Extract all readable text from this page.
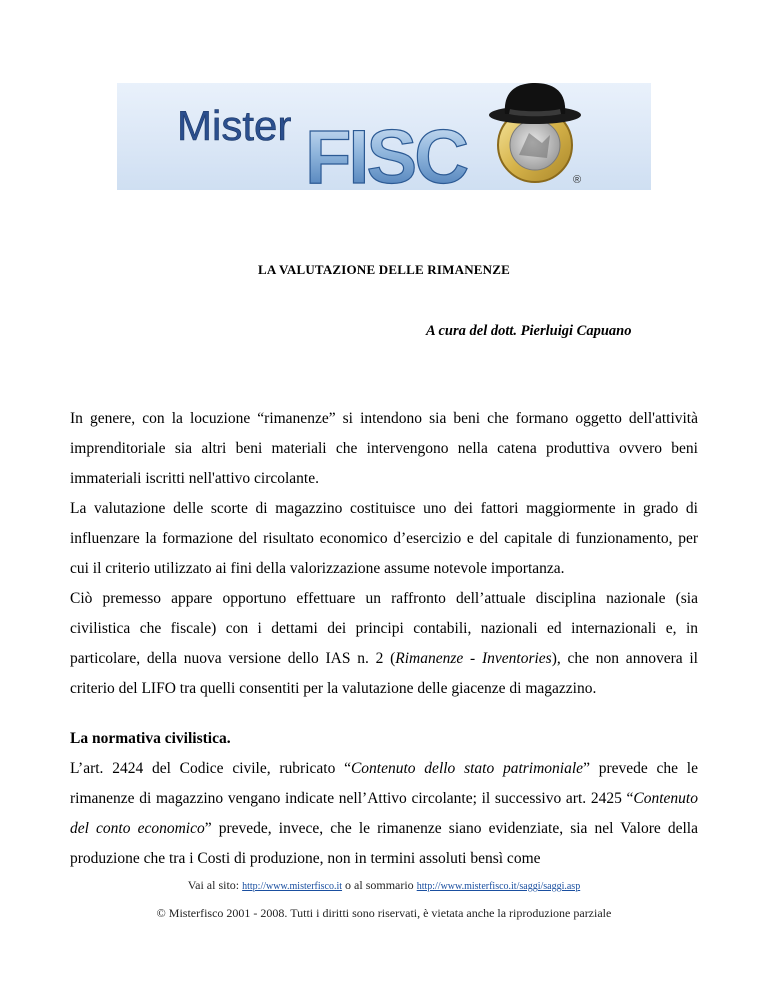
Mister FISC	®
LA VALUTAZIONE DELLE RIMANENZE
A cura del dott. Pierluigi Capuano

In genere, con la locuzione “rimanenze” si intendono sia beni che formano oggetto dell'attività imprenditoriale sia altri beni materiali che intervengono nella catena produttiva ovvero beni immateriali iscritti nell'attivo circolante.

La valutazione delle scorte di magazzino costituisce uno dei fattori maggiormente in grado di influenzare la formazione del risultato economico d’esercizio e del capitale di funzionamento, per cui il criterio utilizzato ai fini della valorizzazione assume notevole importanza.

Ciò premesso appare opportuno effettuare un raffronto dell’attuale disciplina nazionale (sia civilistica che fiscale) con i dettami dei principi contabili, nazionali ed internazionali e, in particolare, della nuova versione dello IAS n. 2 (Rimanenze - Inventories), che non annovera il criterio del LIFO tra quelli consentiti per la valutazione delle giacenze di magazzino.

La normativa civilistica.

L’art. 2424 del Codice civile, rubricato “Contenuto dello stato patrimoniale” prevede che le rimanenze di magazzino vengano indicate nell’Attivo circolante; il successivo art. 2425 “Contenuto del conto economico” prevede, invece, che le rimanenze siano evidenziate, sia nel Valore della produzione che tra i Costi di produzione, non in termini assoluti bensì come

Vai al sito: http://www.misterfisco.it o al sommario http://www.misterfisco.it/saggi/saggi.asp
© Misterfisco 2001 - 2008. Tutti i diritti sono riservati, è vietata anche la riproduzione parziale
